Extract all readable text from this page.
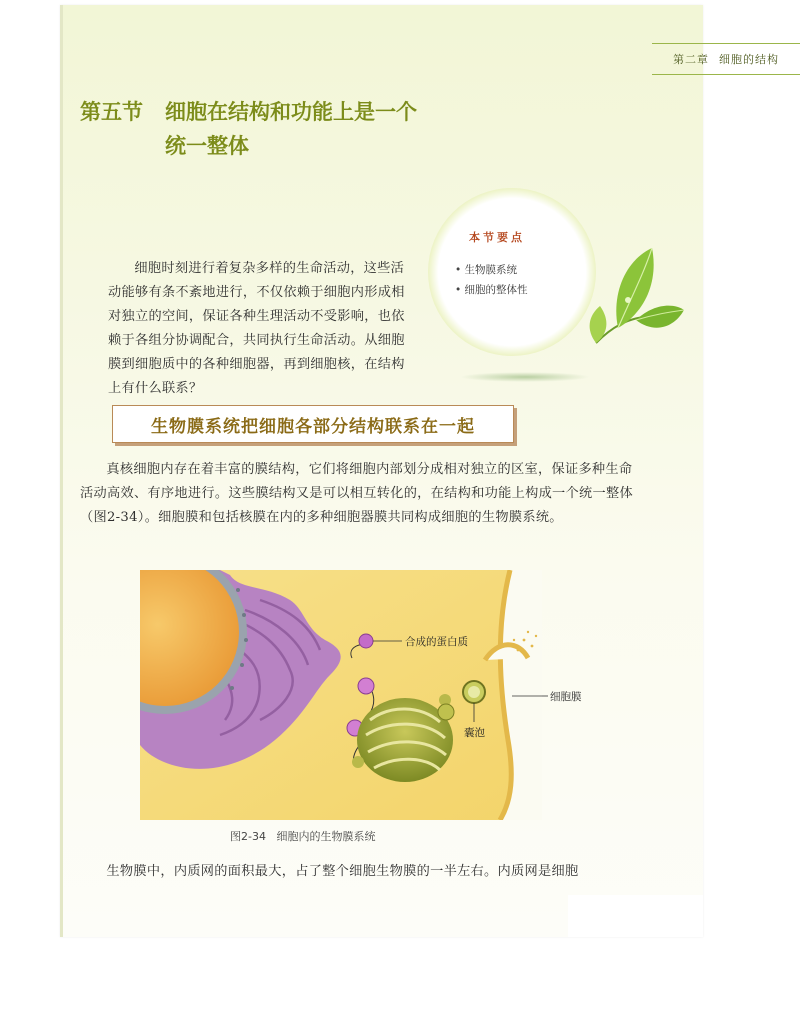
第二章 细胞的结构
第五节 细胞在结构和功能上是一个
统一整体
本节要点
• 生物膜系统
• 细胞的整体性
细胞时刻进行着复杂多样的生命活动，这些活动能够有条不紊地进行，不仅依赖于细胞内形成相对独立的空间，保证各种生理活动不受影响，也依赖于各组分协调配合，共同执行生命活动。从细胞膜到细胞质中的各种细胞器，再到细胞核，在结构上有什么联系？
生物膜系统把细胞各部分结构联系在一起
真核细胞内存在着丰富的膜结构，它们将细胞内部划分成相对独立的区室，保证多种生命活动高效、有序地进行。这些膜结构又是可以相互转化的，在结构和功能上构成一个统一整体（图2-34）。细胞膜和包括核膜在内的多种细胞器膜共同构成细胞的生物膜系统。
合成的蛋白质
囊泡
细胞膜
图2-34 细胞内的生物膜系统
生物膜中，内质网的面积最大，占了整个细胞生物膜的一半左右。内质网是细胞
